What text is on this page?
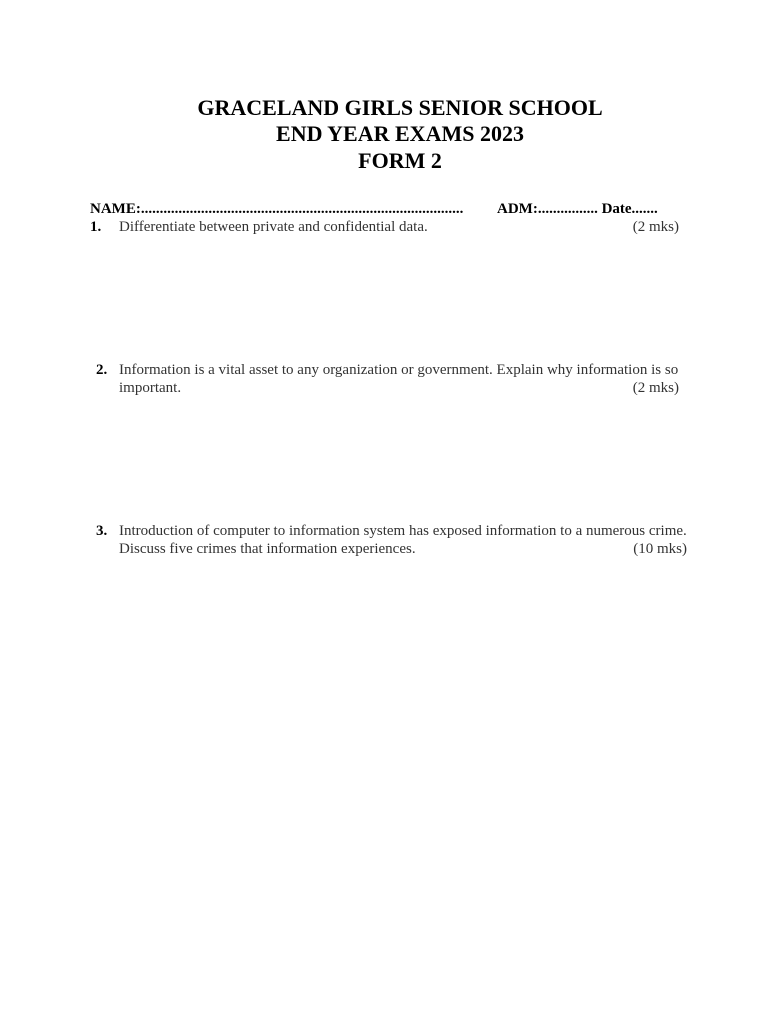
GRACELAND GIRLS SENIOR SCHOOL
END YEAR EXAMS 2023
FORM 2
NAME:...................................................................................... ADM:................ Date.......
1. Differentiate between private and confidential data.	(2 mks)
2. Information is a vital asset to any organization or government. Explain why information is so
important.	(2 mks)
3. Introduction of computer to information system has exposed information to a numerous crime.
Discuss five crimes that information experiences.	(10 mks)
